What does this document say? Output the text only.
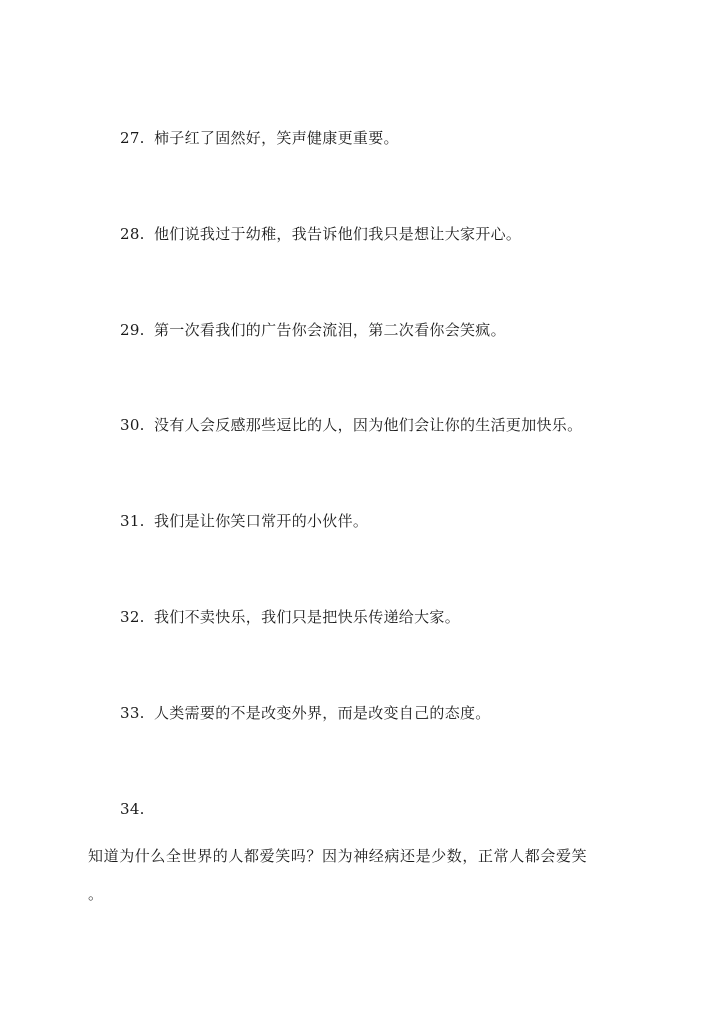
27. 柿子红了固然好，笑声健康更重要。
28. 他们说我过于幼稚，我告诉他们我只是想让大家开心。
29. 第一次看我们的广告你会流泪，第二次看你会笑疯。
30. 没有人会反感那些逗比的人，因为他们会让你的生活更加快乐。
31. 我们是让你笑口常开的小伙伴。
32. 我们不卖快乐，我们只是把快乐传递给大家。
33. 人类需要的不是改变外界，而是改变自己的态度。
34.
知道为什么全世界的人都爱笑吗？因为神经病还是少数，正常人都会爱笑
。
